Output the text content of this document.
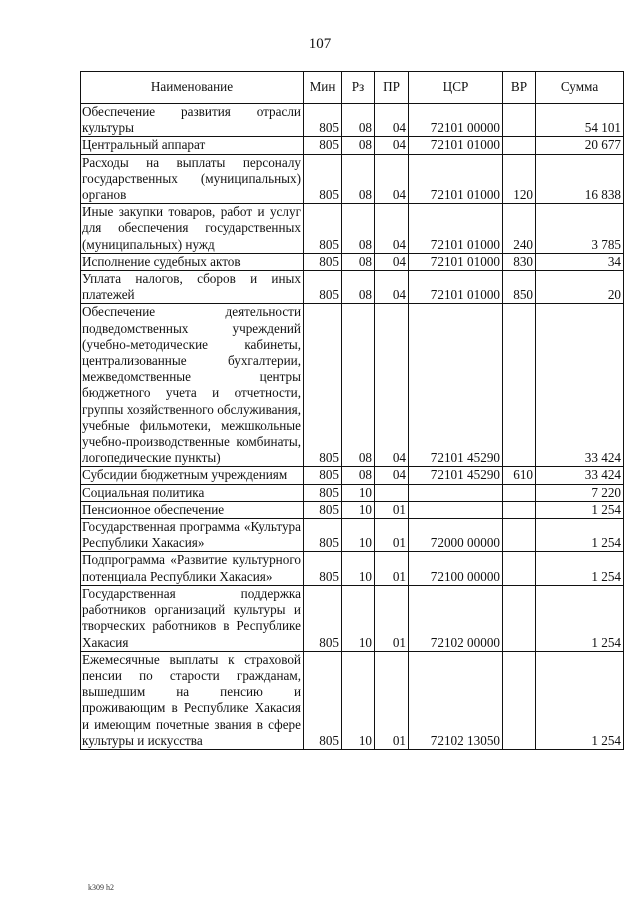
107
Наименование	Мин	Рз	ПР	ЦСР	ВР	Сумма
Обеспечение развития отрасли культуры	805	08	04	72101 00000		54 101
Центральный аппарат	805	08	04	72101 01000		20 677
Расходы на выплаты персоналу государственных (муниципальных) органов	805	08	04	72101 01000	120	16 838
Иные закупки товаров, работ и услуг для обеспечения государственных (муниципальных) нужд	805	08	04	72101 01000	240	3 785
Исполнение судебных актов	805	08	04	72101 01000	830	34
Уплата налогов, сборов и иных платежей	805	08	04	72101 01000	850	20
Обеспечение деятельности подведомственных учреждений (учебно-методические кабинеты, централизованные бухгалтерии, межведомственные центры бюджетного учета и отчетности, группы хозяйственного обслуживания, учебные фильмотеки, межшкольные учебно-производственные комбинаты, логопедические пункты)	805	08	04	72101 45290		33 424
Субсидии бюджетным учреждениям	805	08	04	72101 45290	610	33 424
Социальная политика	805	10				7 220
Пенсионное обеспечение	805	10	01			1 254
Государственная программа «Культура Республики Хакасия»	805	10	01	72000 00000		1 254
Подпрограмма «Развитие культурного потенциала Республики Хакасия»	805	10	01	72100 00000		1 254
Государственная поддержка работников организаций культуры и творческих работников в Республике Хакасия	805	10	01	72102 00000		1 254
Ежемесячные выплаты к страховой пенсии по старости гражданам, вышедшим на пенсию и проживающим в Республике Хакасия и имеющим почетные звания в сфере культуры и искусства	805	10	01	72102 13050		1 254
k309 h2
